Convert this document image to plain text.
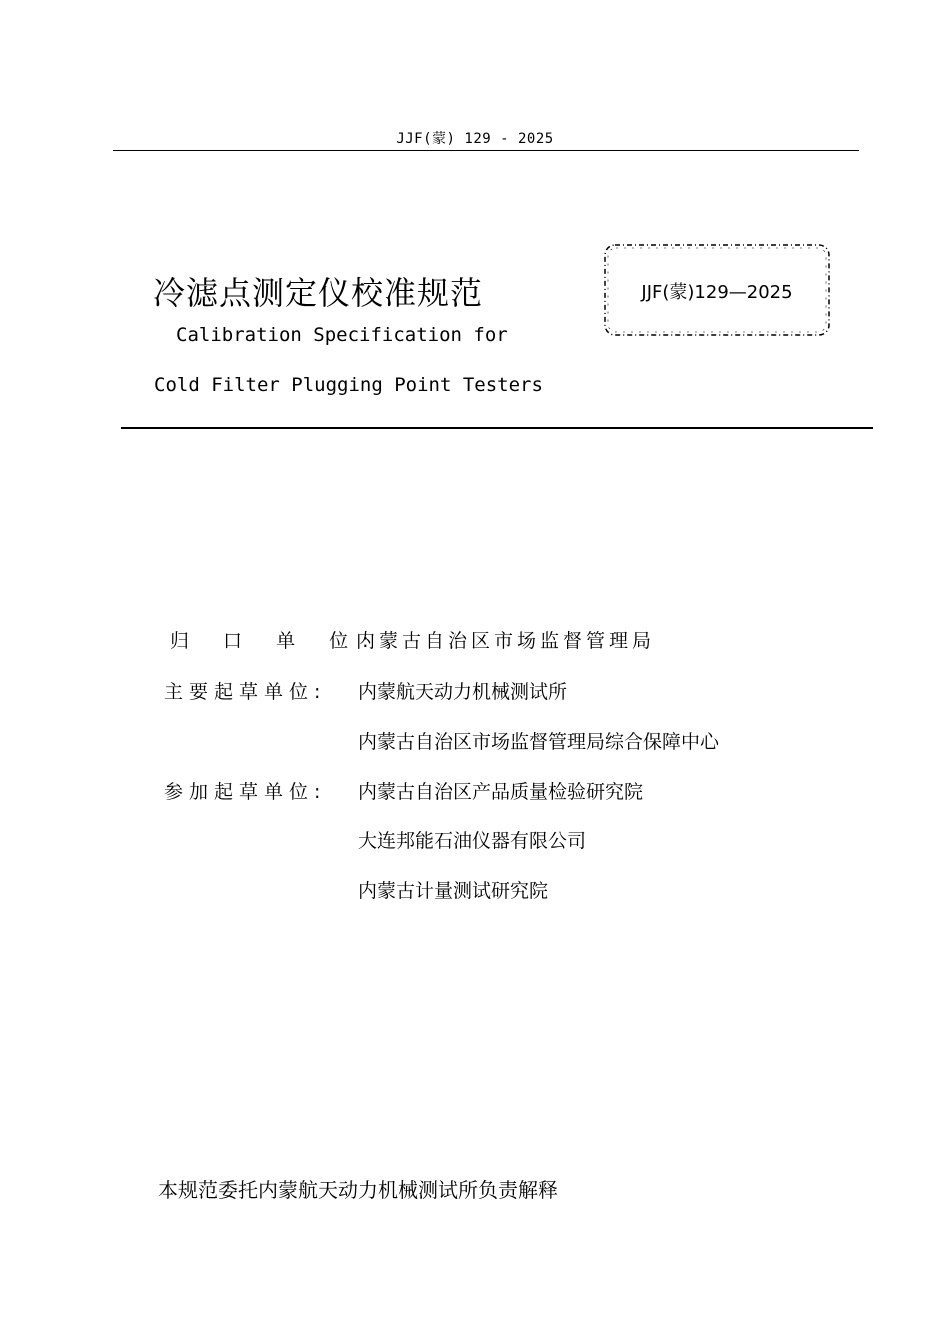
JJF(蒙) 129 - 2025
冷滤点测定仪校准规范
Calibration Specification for
Cold Filter Plugging Point Testers
JJF(蒙)129—2025
归 口 单 位:
内蒙古自治区市场监督管理局
主要起草单位: 内蒙航天动力机械测试所
内蒙古自治区市场监督管理局综合保障中心
参加起草单位: 内蒙古自治区产品质量检验研究院
大连邦能石油仪器有限公司
内蒙古计量测试研究院
本规范委托内蒙航天动力机械测试所负责解释
